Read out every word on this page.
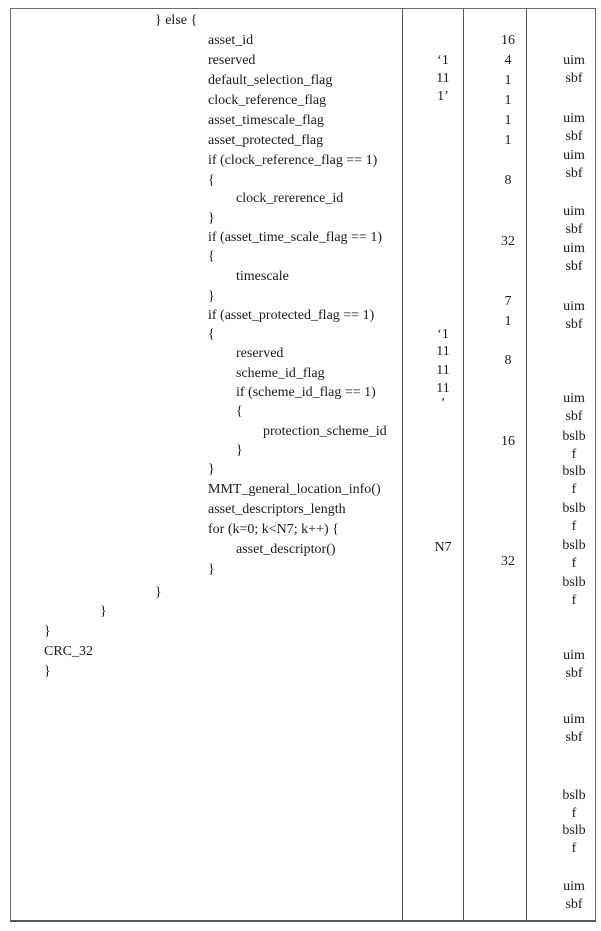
} else {
asset_id
reserved
default_selection_flag
clock_reference_flag
asset_timescale_flag
asset_protected_flag
if (clock_reference_flag == 1)
{
clock_rererence_id
}
if (asset_time_scale_flag == 1)
{
timescale
}
if (asset_protected_flag == 1)
{
reserved
scheme_id_flag
if (scheme_id_flag == 1)
{
protection_scheme_id
}
}
MMT_general_location_info()
asset_descriptors_length
for (k=0; k<N7; k++) {
asset_descriptor()
}
}
}
}
CRC_32
}
‘1
11
1’
‘1
11
11
11
’
N7
16
4
1
1
1
1
8
32
7
1
8
16
32
uim
sbf
uim
sbf
uim
sbf
uim
sbf
uim
sbf
uim
sbf
uim
sbf
bslb
f
bslb
f
bslb
f
bslb
f
bslb
f
uim
sbf
uim
sbf
bslb
f
bslb
f
uim
sbf
